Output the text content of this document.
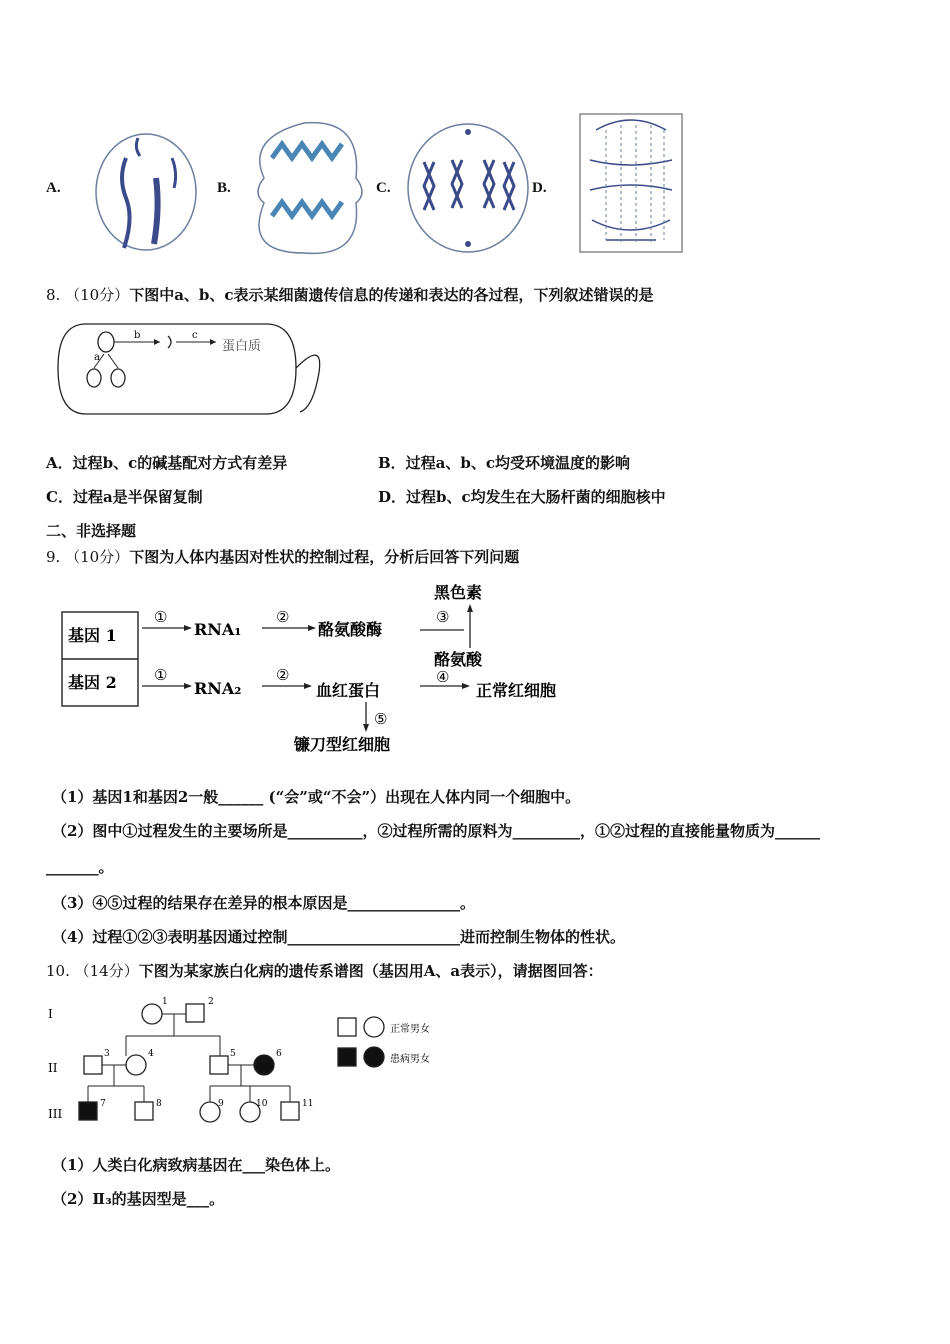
A.	B.	C.	D.
8. （10分）下图中a、b、c表示某细菌遗传信息的传递和表达的各过程，下列叙述错误的是
b	c
蛋白质
a
A．过程b、c的碱基配对方式有差异	B．过程a、b、c均受环境温度的影响
C．过程a是半保留复制	D．过程b、c均发生在大肠杆菌的细胞核中
二、非选择题
9. （10分）下图为人体内基因对性状的控制过程，分析后回答下列问题
基因 1
基因 2
①
RNA₁
②
酪氨酸酶
③
黑色素
酪氨酸
①
RNA₂
②
血红蛋白
④
正常红细胞
⑤
镰刀型红细胞
（1）基因1和基因2一般______ (“会”或“不会”）出现在人体内同一个细胞中。
（2）图中①过程发生的主要场所是__________，②过程所需的原料为_________，①②过程的直接能量物质为______
_______。
（3）④⑤过程的结果存在差异的根本原因是_______________。
（4）过程①②③表明基因通过控制_______________________进而控制生物体的性状。
10. （14分）下图为某家族白化病的遗传系谱图（基因用A、a表示），请据图回答：
I
II
III
1	2
3	4	5	6
7	8	9	10	11
正常男女
患病男女
（1）人类白化病致病基因在___染色体上。
（2）Ⅱ₃的基因型是___。
